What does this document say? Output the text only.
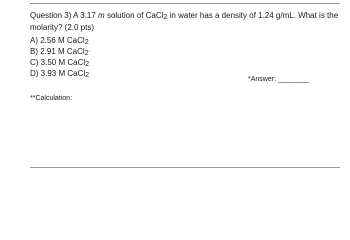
Question 3) A 3.17 m solution of CaCl2 in water has a density of 1.24 g/mL. What is the molarity? (2.0 pts)
A) 2.56 M CaCl2
B) 2.91 M CaCl2
C) 3.50 M CaCl2
D) 3.93 M CaCl2
*Answer: ________
**Calculation:
